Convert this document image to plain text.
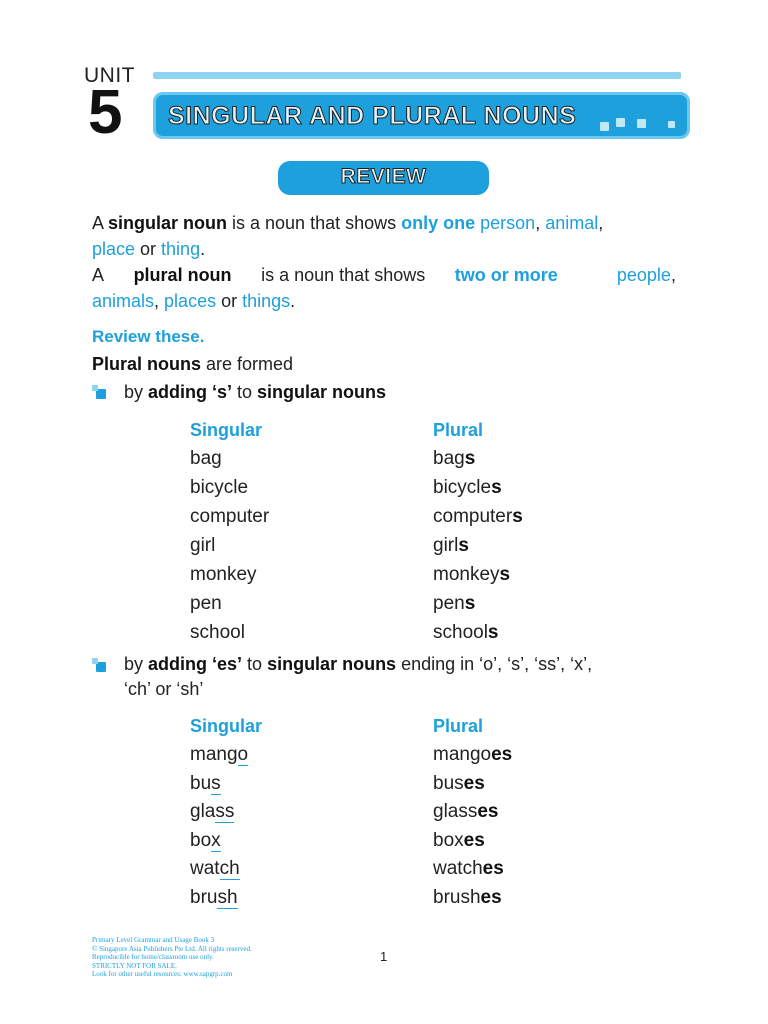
UNIT
5 SINGULAR AND PLURAL NOUNS
REVIEW
A singular noun is a noun that shows only one person, animal,
place or thing.
A plural noun is a noun that shows two or more	people,
animals, places or things.
Review these.
Plural nouns are formed
by adding ‘s’ to singular nouns
Singular	Plural
bag	bags
bicycle	bicycles
computer	computers
girl	girls
monkey	monkeys
pen	pens
school	schools
by adding ‘es’ to singular nouns ending in ‘o’, ‘s’, ‘ss’, ‘x’,
‘ch’ or ‘sh’
Singular	Plural
mango	mangoes
bus	buses
glass	glasses
box	boxes
watch	watches
brush	brushes
Primary Level Grammar and Usage Book 3
© Singapore Asia Publishers Pte Ltd. All rights reserved.
Reproducible for home/classroom use only.
STRICTLY NOT FOR SALE.
Look for other useful resources: www.sapgrp.com
1
